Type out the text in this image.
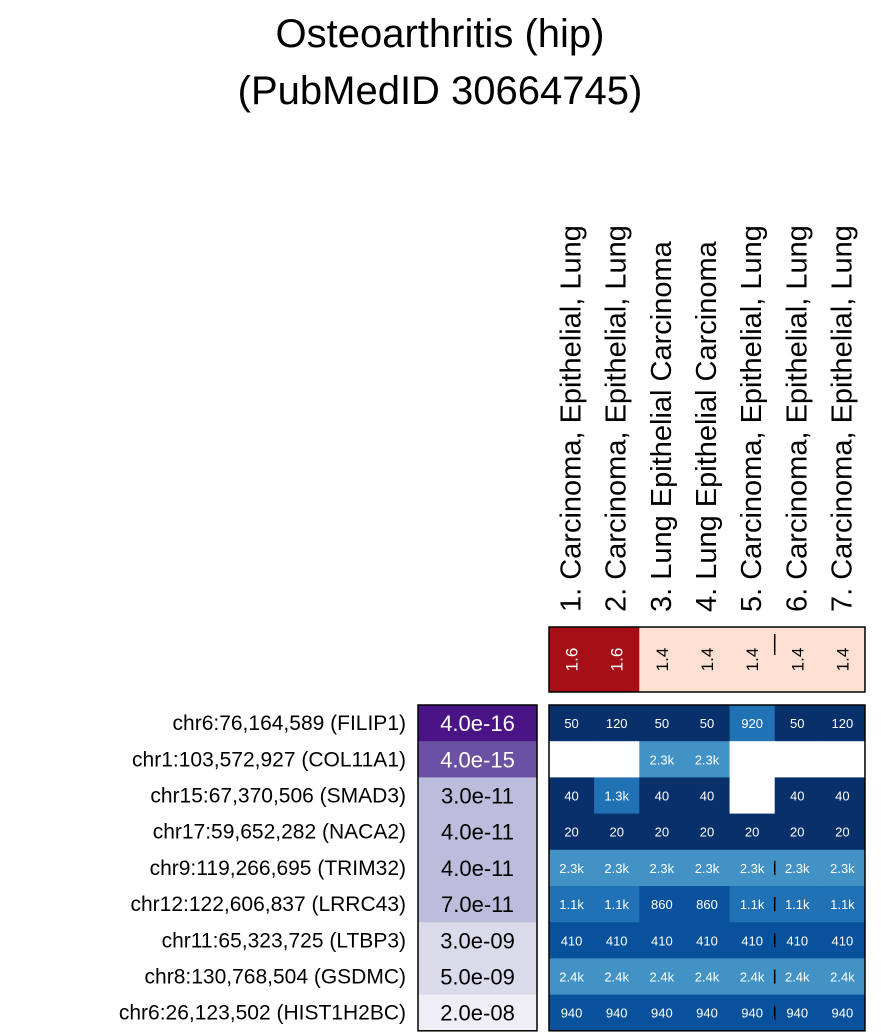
Osteoarthritis (hip)
(PubMedID 30664745)
1. Carcinoma, Epithelial, Lung 2. Carcinoma, Epithelial, Lung 3. Lung Epithelial Carcinoma 4. Lung Epithelial Carcinoma 5. Carcinoma, Epithelial, Lung 6. Carcinoma, Epithelial, Lung 7. Carcinoma, Epithelial, Lung
1.6 1.6 1.4 1.4 1.4 1.4 1.4
chr6:76,164,589 (FILIP1)
chr1:103,572,927 (COL11A1)
chr15:67,370,506 (SMAD3)
chr17:59,652,282 (NACA2)
chr9:119,266,695 (TRIM32)
chr12:122,606,837 (LRRC43)
chr11:65,323,725 (LTBP3)
chr8:130,768,504 (GSDMC)
chr6:26,123,502 (HIST1H2BC)
4.0e-16
4.0e-15
3.0e-11
4.0e-11
4.0e-11
7.0e-11
3.0e-09
5.0e-09
2.0e-08
50 120 50 50 920 50 120
2.3k 2.3k
40 1.3k 40 40	40 40
20 20 20 20 20 20 20
2.3k 2.3k 2.3k 2.3k 2.3k 2.3k 2.3k
1.1k 1.1k 860 860 1.1k 1.1k 1.1k
410 410 410 410 410 410 410
2.4k 2.4k 2.4k 2.4k 2.4k 2.4k 2.4k
940 940 940 940 940 940 940
